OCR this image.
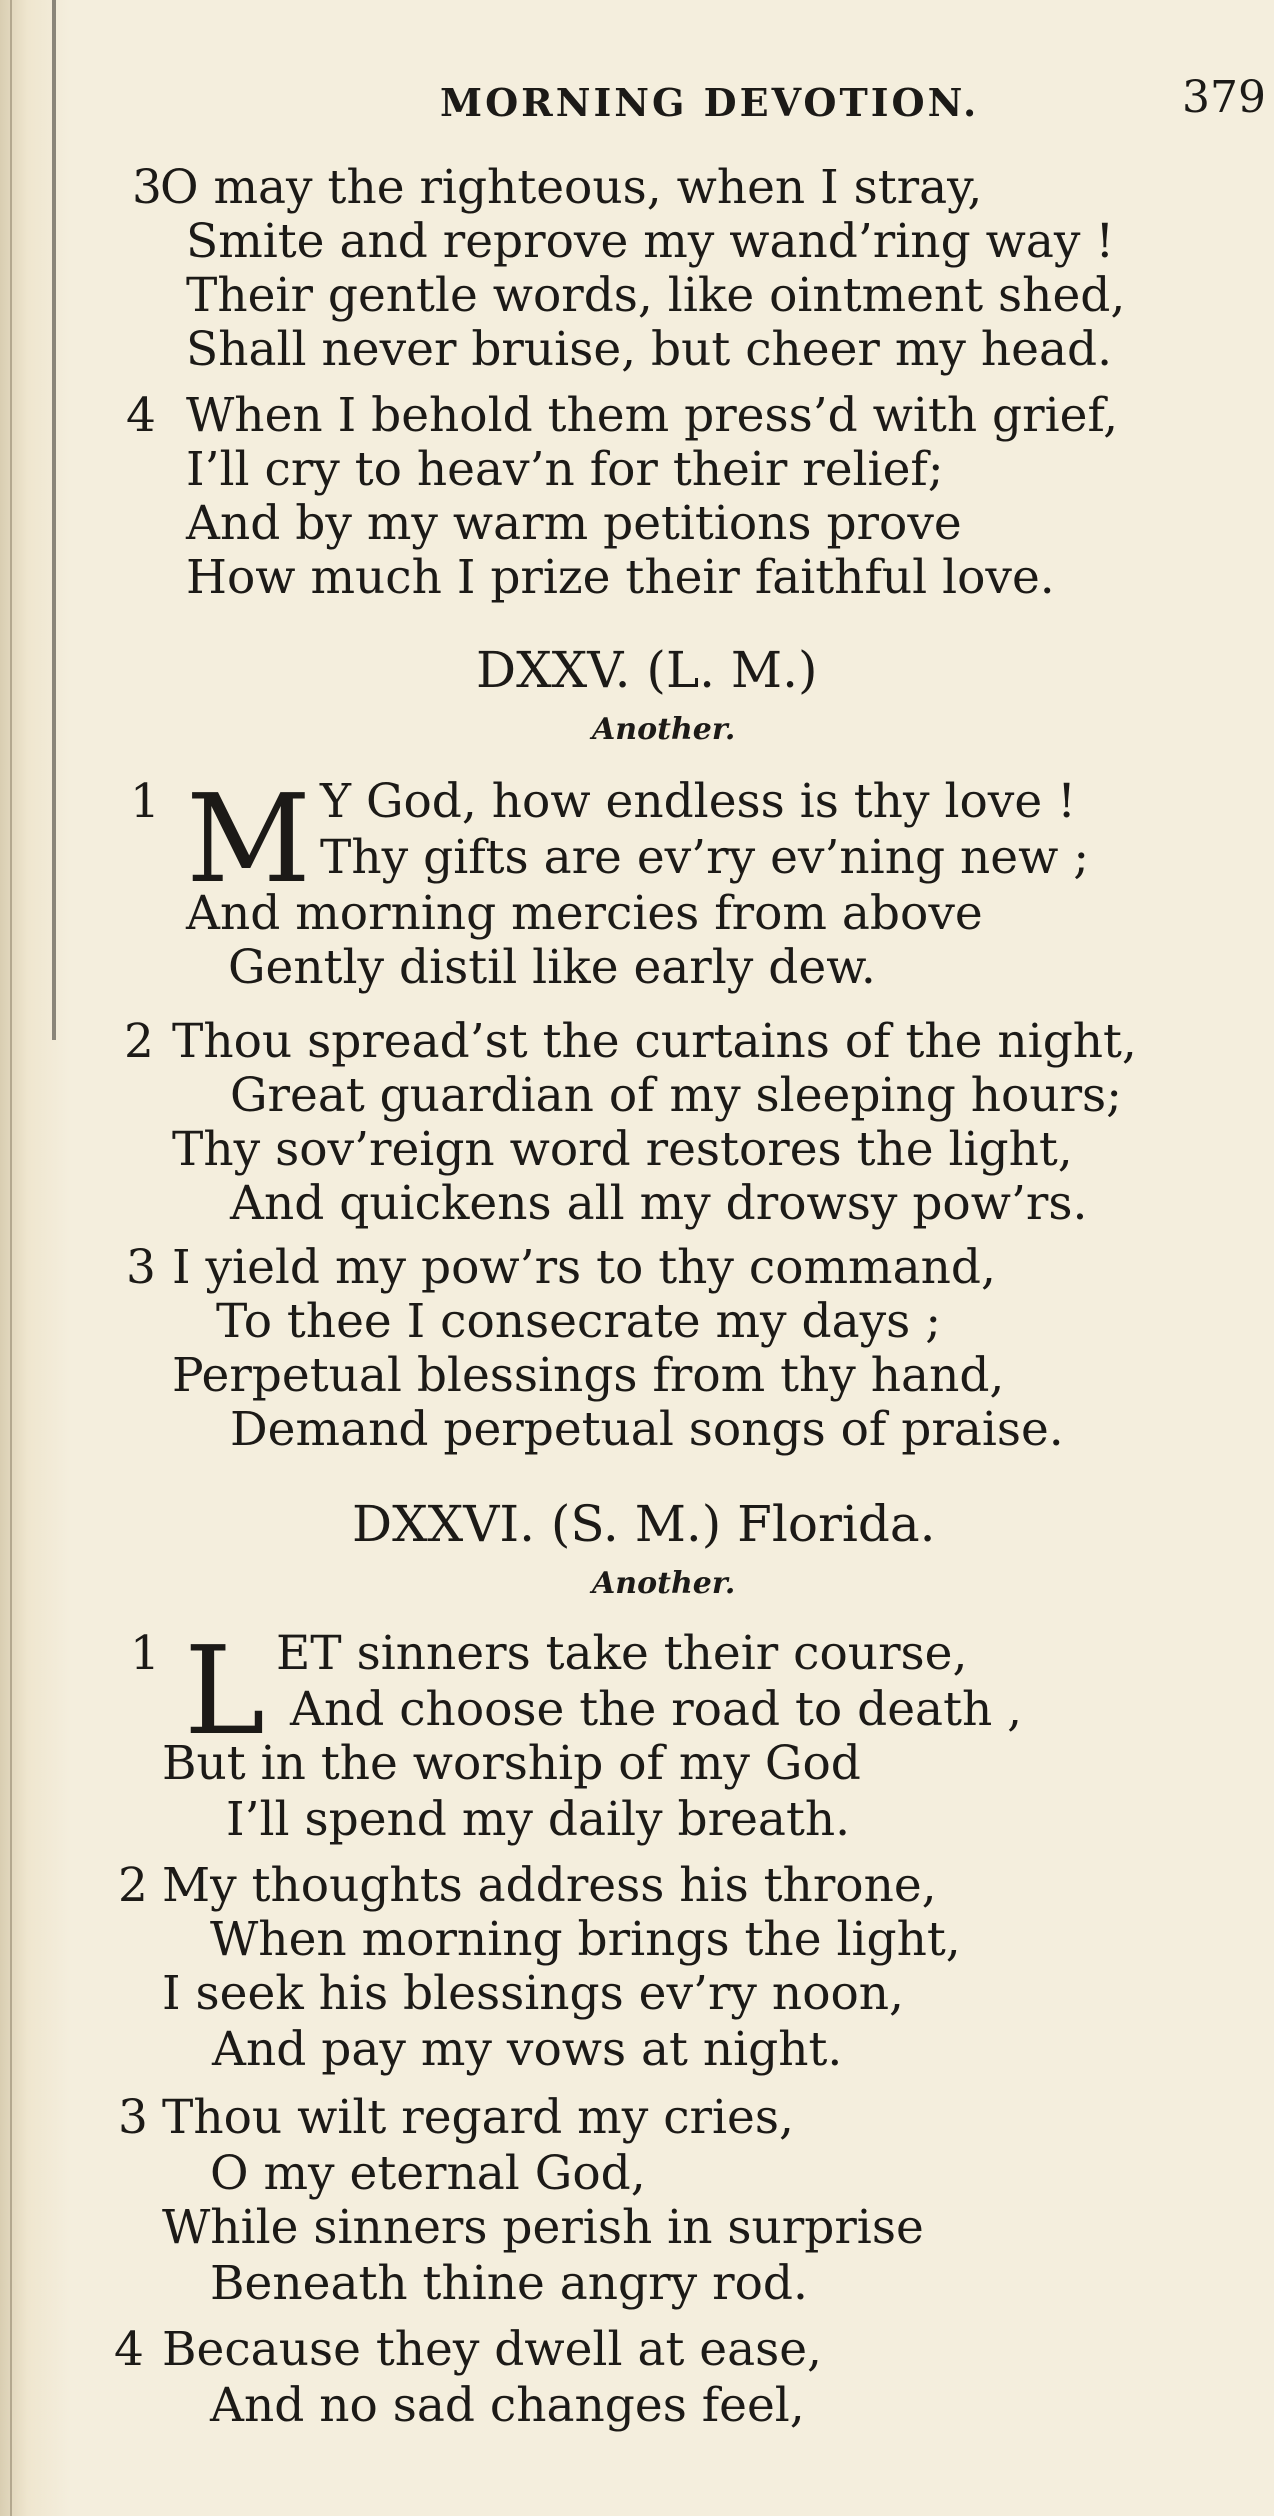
MORNING DEVOTION.	379
3
O may the righteous, when I stray,
Smite and reprove my wand’ring way !
Their gentle words, like ointment shed,
Shall never bruise, but cheer my head.
4 When I behold them press’d with grief,
I’ll cry to heav’n for their relief;
And by my warm petitions prove
How much I prize their faithful love.
DXXV. (L. M.)
Another.
1 M Y God, how endless is thy love !
Thy gifts are ev’ry ev’ning new ;
And morning mercies from above
Gently distil like early dew.
2 Thou spread’st the curtains of the night,
Great guardian of my sleeping hours;
Thy sov’reign word restores the light,
And quickens all my drowsy pow’rs.
3 I yield my pow’rs to thy command,
To thee I consecrate my days ;
Perpetual blessings from thy hand,
Demand perpetual songs of praise.
DXXVI. (S. M.) Florida.
Another.
1 L ET sinners take their course,
And choose the road to death ,
But in the worship of my God
I’ll spend my daily breath.
2 My thoughts address his throne,
When morning brings the light,
I seek his blessings ev’ry noon,
And pay my vows at night.
3 Thou wilt regard my cries,
O my eternal God,
While sinners perish in surprise
Beneath thine angry rod.
4 Because they dwell at ease,
And no sad changes feel,
